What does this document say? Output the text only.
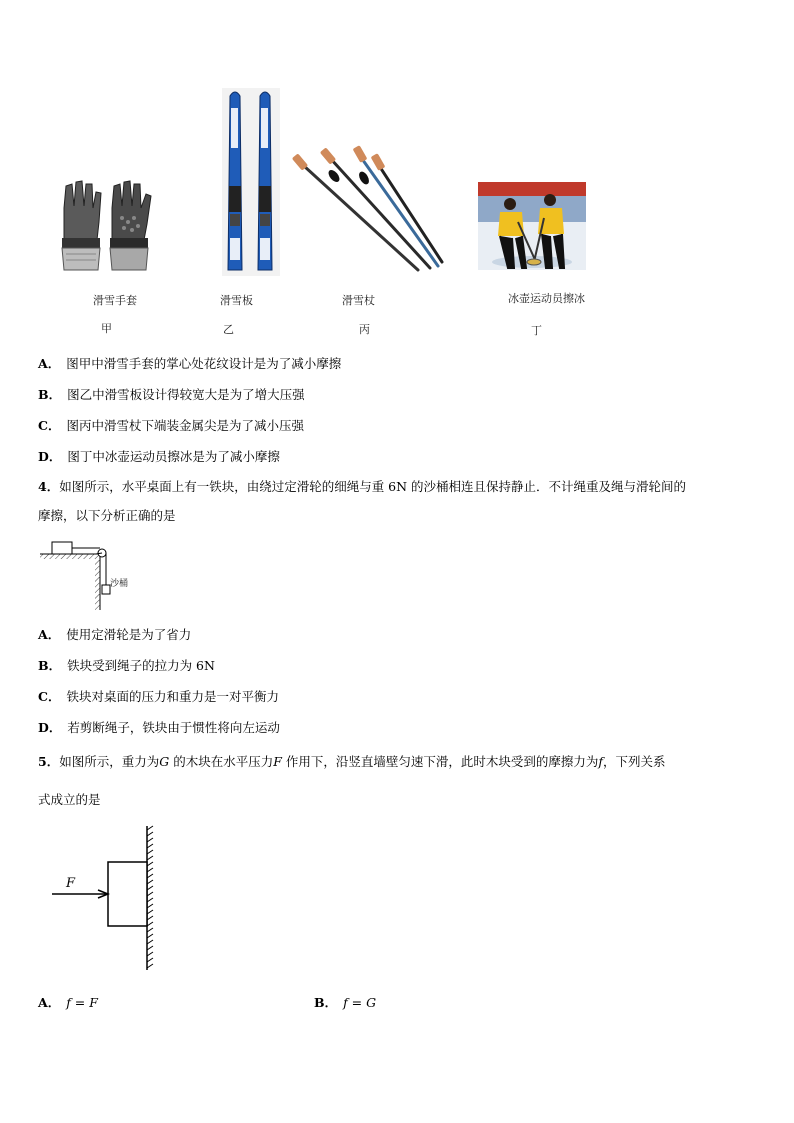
滑雪手套	滑雪板	滑雪杖	冰壶运动员擦冰
甲	乙	丙	丁
A． 图甲中滑雪手套的掌心处花纹设计是为了减小摩擦
B． 图乙中滑雪板设计得较宽大是为了增大压强
C． 图丙中滑雪杖下端装金属尖是为了减小压强
D． 图丁中冰壶运动员擦冰是为了减小摩擦
4．如图所示，水平桌面上有一铁块，由绕过定滑轮的细绳与重 6N 的沙桶相连且保持静止．不计绳重及绳与滑轮间的
摩擦，以下分析正确的是
沙桶
A． 使用定滑轮是为了省力
B． 铁块受到绳子的拉力为 6N
C． 铁块对桌面的压力和重力是一对平衡力
D． 若剪断绳子，铁块由于惯性将向左运动
5．如图所示，重力为G 的木块在水平压力F 作用下，沿竖直墙壁匀速下滑，此时木块受到的摩擦力为f，下列关系
式成立的是
F
A． f = F	B． f = G
